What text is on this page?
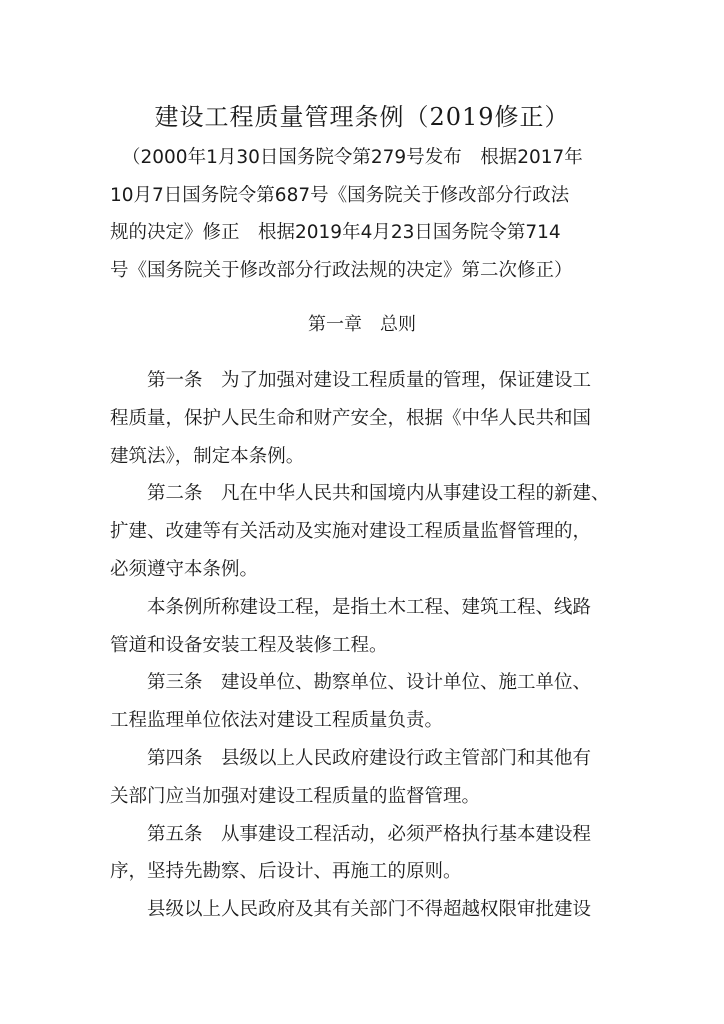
建设工程质量管理条例（2019修正）
（2000年1月30日国务院令第279号发布　根据2017年
10月7日国务院令第687号《国务院关于修改部分行政法
规的决定》修正　根据2019年4月23日国务院令第714
号《国务院关于修改部分行政法规的决定》第二次修正）
第一章　总则

第一条　为了加强对建设工程质量的管理，保证建设工
程质量，保护人民生命和财产安全，根据《中华人民共和国
建筑法》，制定本条例。

第二条　凡在中华人民共和国境内从事建设工程的新建、
扩建、改建等有关活动及实施对建设工程质量监督管理的，
必须遵守本条例。

本条例所称建设工程，是指土木工程、建筑工程、线路
管道和设备安装工程及装修工程。

第三条　建设单位、勘察单位、设计单位、施工单位、
工程监理单位依法对建设工程质量负责。

第四条　县级以上人民政府建设行政主管部门和其他有
关部门应当加强对建设工程质量的监督管理。

第五条　从事建设工程活动，必须严格执行基本建设程
序，坚持先勘察、后设计、再施工的原则。

县级以上人民政府及其有关部门不得超越权限审批建设
